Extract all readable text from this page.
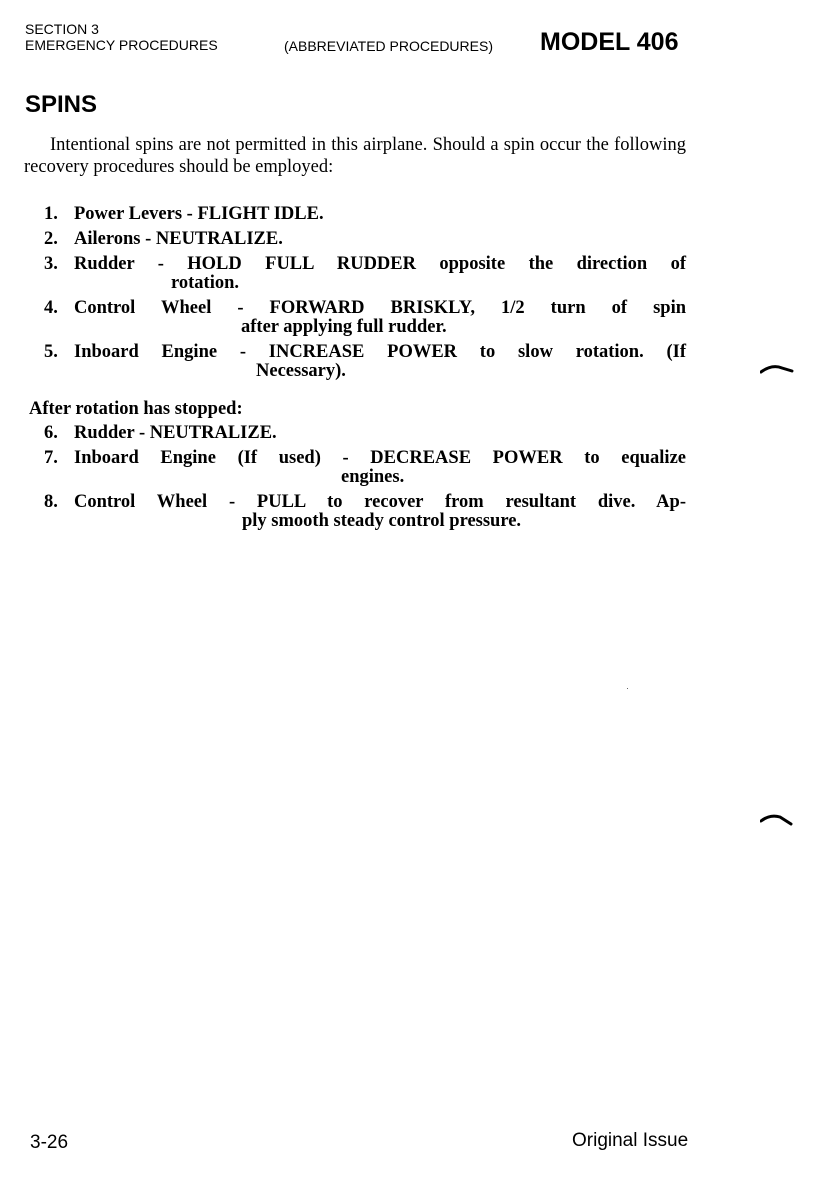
SECTION 3
EMERGENCY PROCEDURES	(ABBREVIATED PROCEDURES) MODEL 406
SPINS

Intentional spins are not permitted in this airplane. Should a spin occur the following recovery procedures should be employed:

1. Power Levers - FLIGHT IDLE.
2. Ailerons - NEUTRALIZE.
3. Rudder - HOLD FULL RUDDER opposite the direction of
rotation.
4. Control Wheel - FORWARD BRISKLY, 1/2 turn of spin
after applying full rudder.
5. Inboard Engine - INCREASE POWER to slow rotation. (If
Necessary).
After rotation has stopped:
6. Rudder - NEUTRALIZE.
7. Inboard Engine (If used) - DECREASE POWER to equalize
engines.
8. Control Wheel - PULL to recover from resultant dive. Ap-
ply smooth steady control pressure.
3-26	Original Issue
